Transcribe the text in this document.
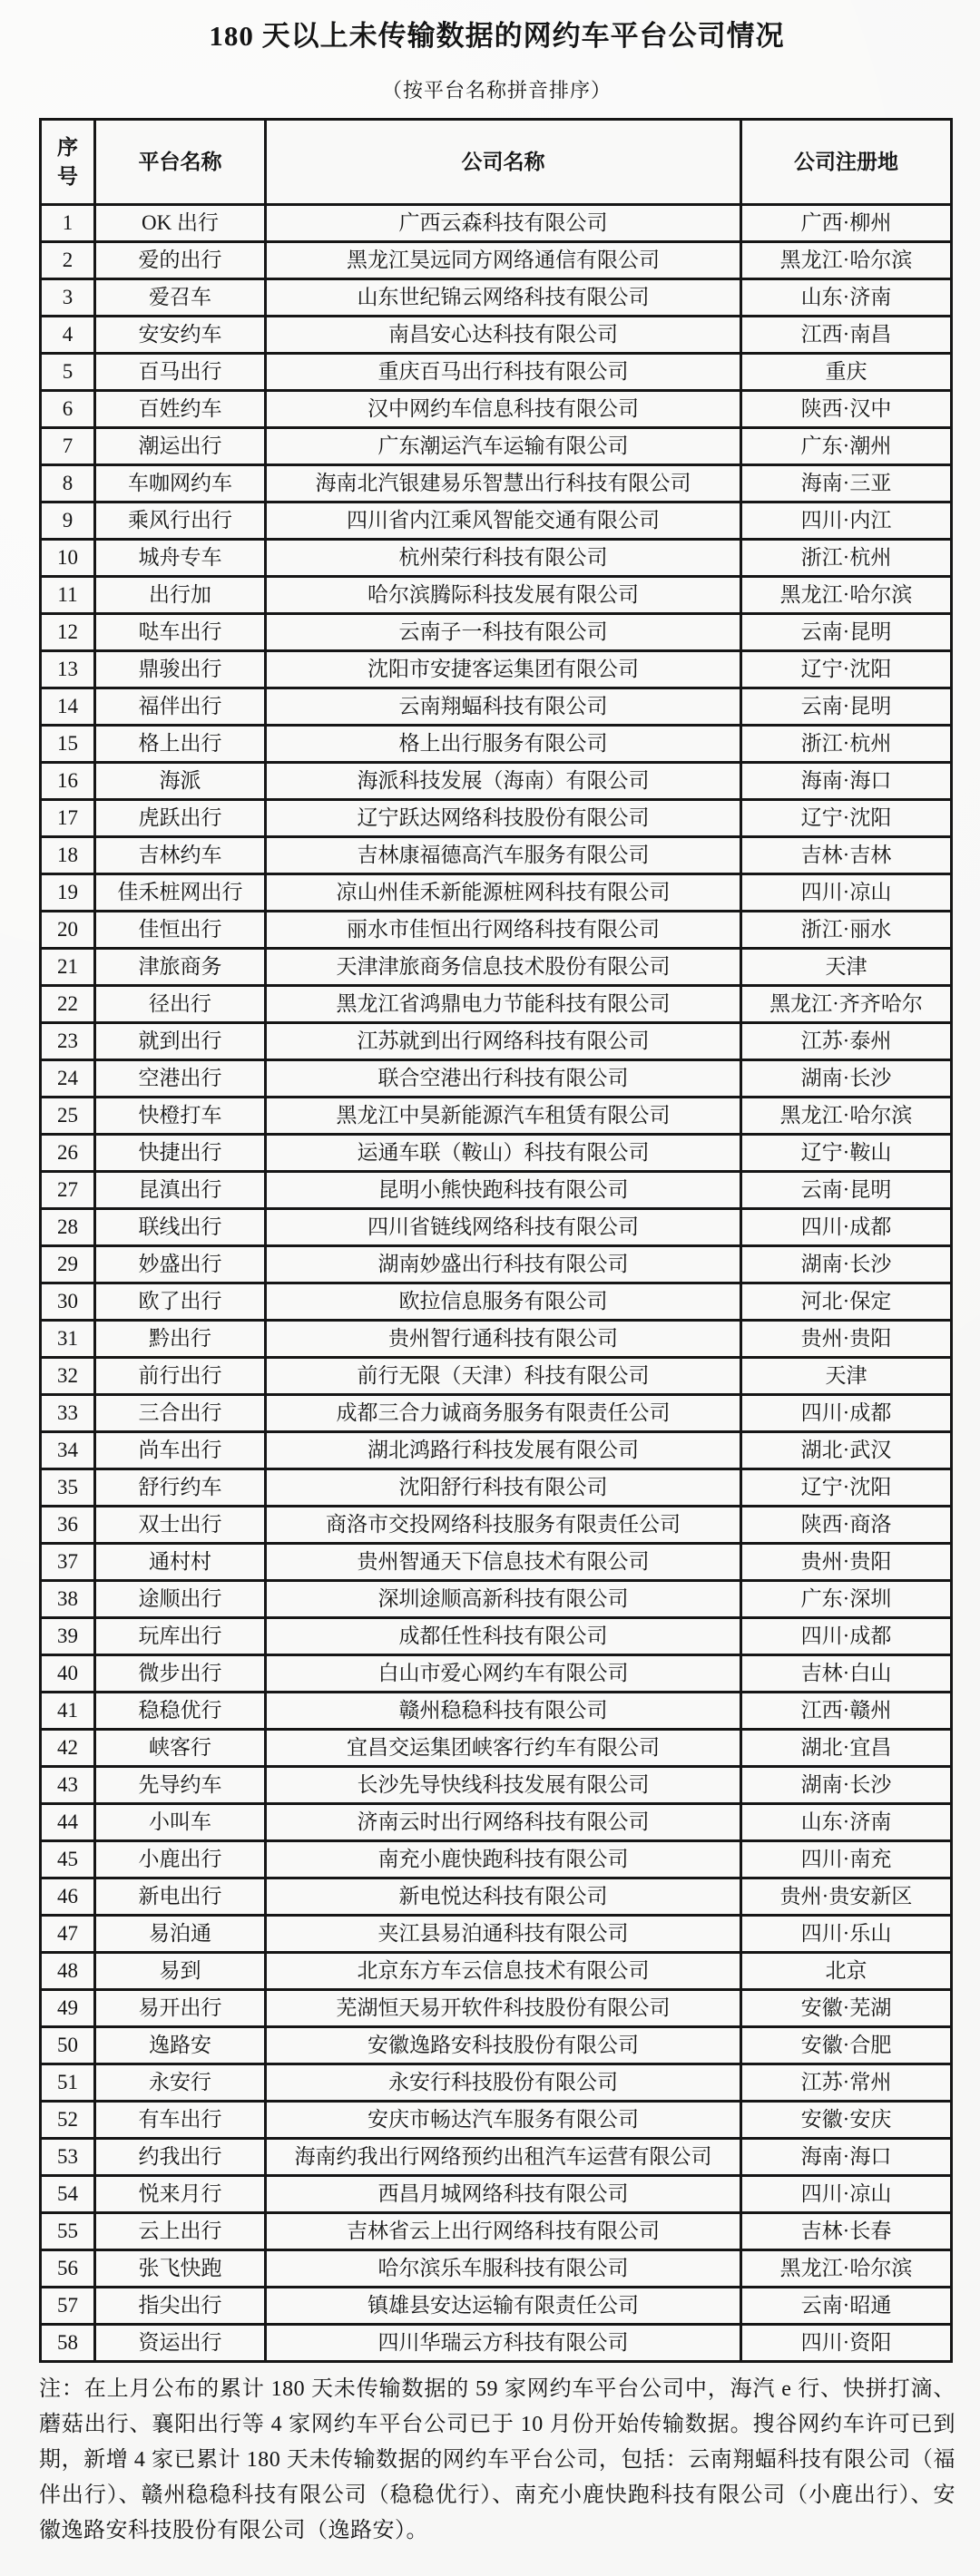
180 天以上未传输数据的网约车平台公司情况
（按平台名称拼音排序）
序号	平台名称	公司名称	公司注册地
1	OK 出行	广西云森科技有限公司	广西·柳州
2	爱的出行	黑龙江昊远同方网络通信有限公司	黑龙江·哈尔滨
3	爱召车	山东世纪锦云网络科技有限公司	山东·济南
4	安安约车	南昌安心达科技有限公司	江西·南昌
5	百马出行	重庆百马出行科技有限公司	重庆
6	百姓约车	汉中网约车信息科技有限公司	陕西·汉中
7	潮运出行	广东潮运汽车运输有限公司	广东·潮州
8	车咖网约车	海南北汽银建易乐智慧出行科技有限公司	海南·三亚
9	乘风行出行	四川省内江乘风智能交通有限公司	四川·内江
10	城舟专车	杭州荣行科技有限公司	浙江·杭州
11	出行加	哈尔滨腾际科技发展有限公司	黑龙江·哈尔滨
12	哒车出行	云南子一科技有限公司	云南·昆明
13	鼎骏出行	沈阳市安捷客运集团有限公司	辽宁·沈阳
14	福伴出行	云南翔蝠科技有限公司	云南·昆明
15	格上出行	格上出行服务有限公司	浙江·杭州
16	海派	海派科技发展（海南）有限公司	海南·海口
17	虎跃出行	辽宁跃达网络科技股份有限公司	辽宁·沈阳
18	吉林约车	吉林康福德高汽车服务有限公司	吉林·吉林
19	佳禾桩网出行	凉山州佳禾新能源桩网科技有限公司	四川·凉山
20	佳恒出行	丽水市佳恒出行网络科技有限公司	浙江·丽水
21	津旅商务	天津津旅商务信息技术股份有限公司	天津
22	径出行	黑龙江省鸿鼎电力节能科技有限公司	黑龙江·齐齐哈尔
23	就到出行	江苏就到出行网络科技有限公司	江苏·泰州
24	空港出行	联合空港出行科技有限公司	湖南·长沙
25	快橙打车	黑龙江中昊新能源汽车租赁有限公司	黑龙江·哈尔滨
26	快捷出行	运通车联（鞍山）科技有限公司	辽宁·鞍山
27	昆滇出行	昆明小熊快跑科技有限公司	云南·昆明
28	联线出行	四川省链线网络科技有限公司	四川·成都
29	妙盛出行	湖南妙盛出行科技有限公司	湖南·长沙
30	欧了出行	欧拉信息服务有限公司	河北·保定
31	黔出行	贵州智行通科技有限公司	贵州·贵阳
32	前行出行	前行无限（天津）科技有限公司	天津
33	三合出行	成都三合力诚商务服务有限责任公司	四川·成都
34	尚车出行	湖北鸿路行科技发展有限公司	湖北·武汉
35	舒行约车	沈阳舒行科技有限公司	辽宁·沈阳
36	双士出行	商洛市交投网络科技服务有限责任公司	陕西·商洛
37	通村村	贵州智通天下信息技术有限公司	贵州·贵阳
38	途顺出行	深圳途顺高新科技有限公司	广东·深圳
39	玩库出行	成都任性科技有限公司	四川·成都
40	微步出行	白山市爱心网约车有限公司	吉林·白山
41	稳稳优行	赣州稳稳科技有限公司	江西·赣州
42	峡客行	宜昌交运集团峡客行约车有限公司	湖北·宜昌
43	先导约车	长沙先导快线科技发展有限公司	湖南·长沙
44	小叫车	济南云时出行网络科技有限公司	山东·济南
45	小鹿出行	南充小鹿快跑科技有限公司	四川·南充
46	新电出行	新电悦达科技有限公司	贵州·贵安新区
47	易泊通	夹江县易泊通科技有限公司	四川·乐山
48	易到	北京东方车云信息技术有限公司	北京
49	易开出行	芜湖恒天易开软件科技股份有限公司	安徽·芜湖
50	逸路安	安徽逸路安科技股份有限公司	安徽·合肥
51	永安行	永安行科技股份有限公司	江苏·常州
52	有车出行	安庆市畅达汽车服务有限公司	安徽·安庆
53	约我出行	海南约我出行网络预约出租汽车运营有限公司	海南·海口
54	悦来月行	西昌月城网络科技有限公司	四川·凉山
55	云上出行	吉林省云上出行网络科技有限公司	吉林·长春
56	张飞快跑	哈尔滨乐车服科技有限公司	黑龙江·哈尔滨
57	指尖出行	镇雄县安达运输有限责任公司	云南·昭通
58	资运出行	四川华瑞云方科技有限公司	四川·资阳

注：在上月公布的累计 180 天未传输数据的 59 家网约车平台公司中，海汽 e 行、快拼打滴、蘑菇出行、襄阳出行等 4 家网约车平台公司已于 10 月份开始传输数据。搜谷网约车许可已到期，新增 4 家已累计 180 天未传输数据的网约车平台公司，包括：云南翔蝠科技有限公司（福伴出行）、赣州稳稳科技有限公司（稳稳优行）、南充小鹿快跑科技有限公司（小鹿出行）、安徽逸路安科技股份有限公司（逸路安）。
